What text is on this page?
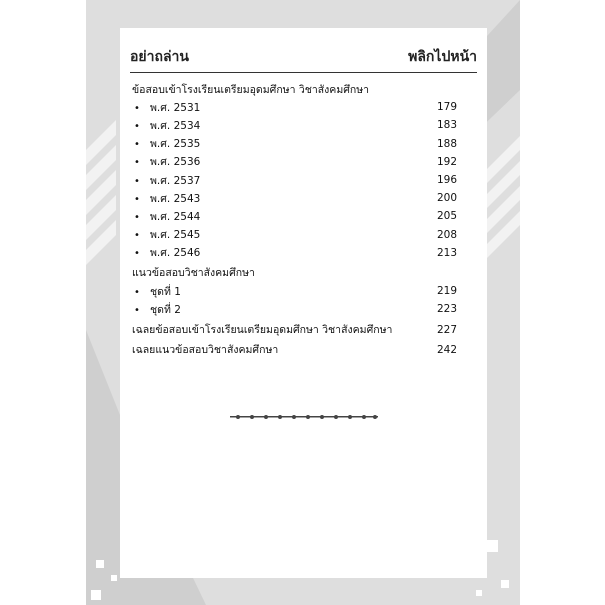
อย่าถล่าน	พลิกไปหน้า
ข้อสอบเข้าโรงเรียนเตรียมอุดมศึกษา วิชาสังคมศึกษา
• พ.ศ. 2531	179
• พ.ศ. 2534	183
• พ.ศ. 2535	188
• พ.ศ. 2536	192
• พ.ศ. 2537	196
• พ.ศ. 2543	200
• พ.ศ. 2544	205
• พ.ศ. 2545	208
• พ.ศ. 2546	213
แนวข้อสอบวิชาสังคมศึกษา
• ชุดที่ 1	219
• ชุดที่ 2	223
เฉลยข้อสอบเข้าโรงเรียนเตรียมอุดมศึกษา วิชาสังคมศึกษา	227
เฉลยแนวข้อสอบวิชาสังคมศึกษา	242
